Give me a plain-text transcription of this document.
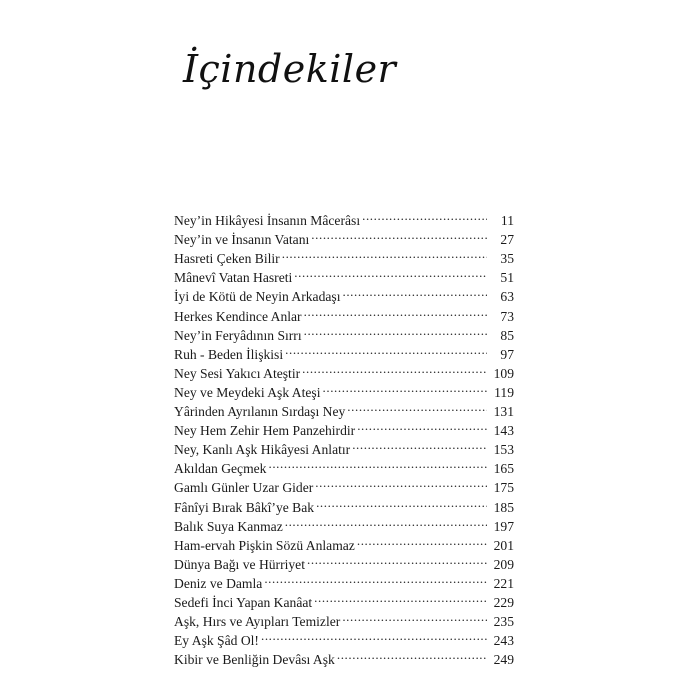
İçindekiler
Ney’in Hikâyesi İnsanın Mâcerâsı .....	11
Ney’in ve İnsanın Vatanı .....	27
Hasreti Çeken Bilir .....	35
Mânevî Vatan Hasreti .....	51
İyi de Kötü de Neyin Arkadaşı .....	63
Herkes Kendince Anlar .....	73
Ney’in Feryâdının Sırrı .....	85
Ruh - Beden İlişkisi .....	97
Ney Sesi Yakıcı Ateştir .....	109
Ney ve Meydeki Aşk Ateşi .....	119
Yârinden Ayrılanın Sırdaşı Ney .....	131
Ney Hem Zehir Hem Panzehirdir .....	143
Ney, Kanlı Aşk Hikâyesi Anlatır .....	153
Akıldan Geçmek .....	165
Gamlı Günler Uzar Gider .....	175
Fânîyi Bırak Bâkî’ye Bak .....	185
Balık Suya Kanmaz .....	197
Ham-ervah Pişkin Sözü Anlamaz .....	201
Dünya Bağı ve Hürriyet .....	209
Deniz ve Damla .....	221
Sedefi İnci Yapan Kanâat .....	229
Aşk, Hırs ve Ayıpları Temizler .....	235
Ey Aşk Şâd Ol! .....	243
Kibir ve Benliğin Devâsı Aşk .....	249
